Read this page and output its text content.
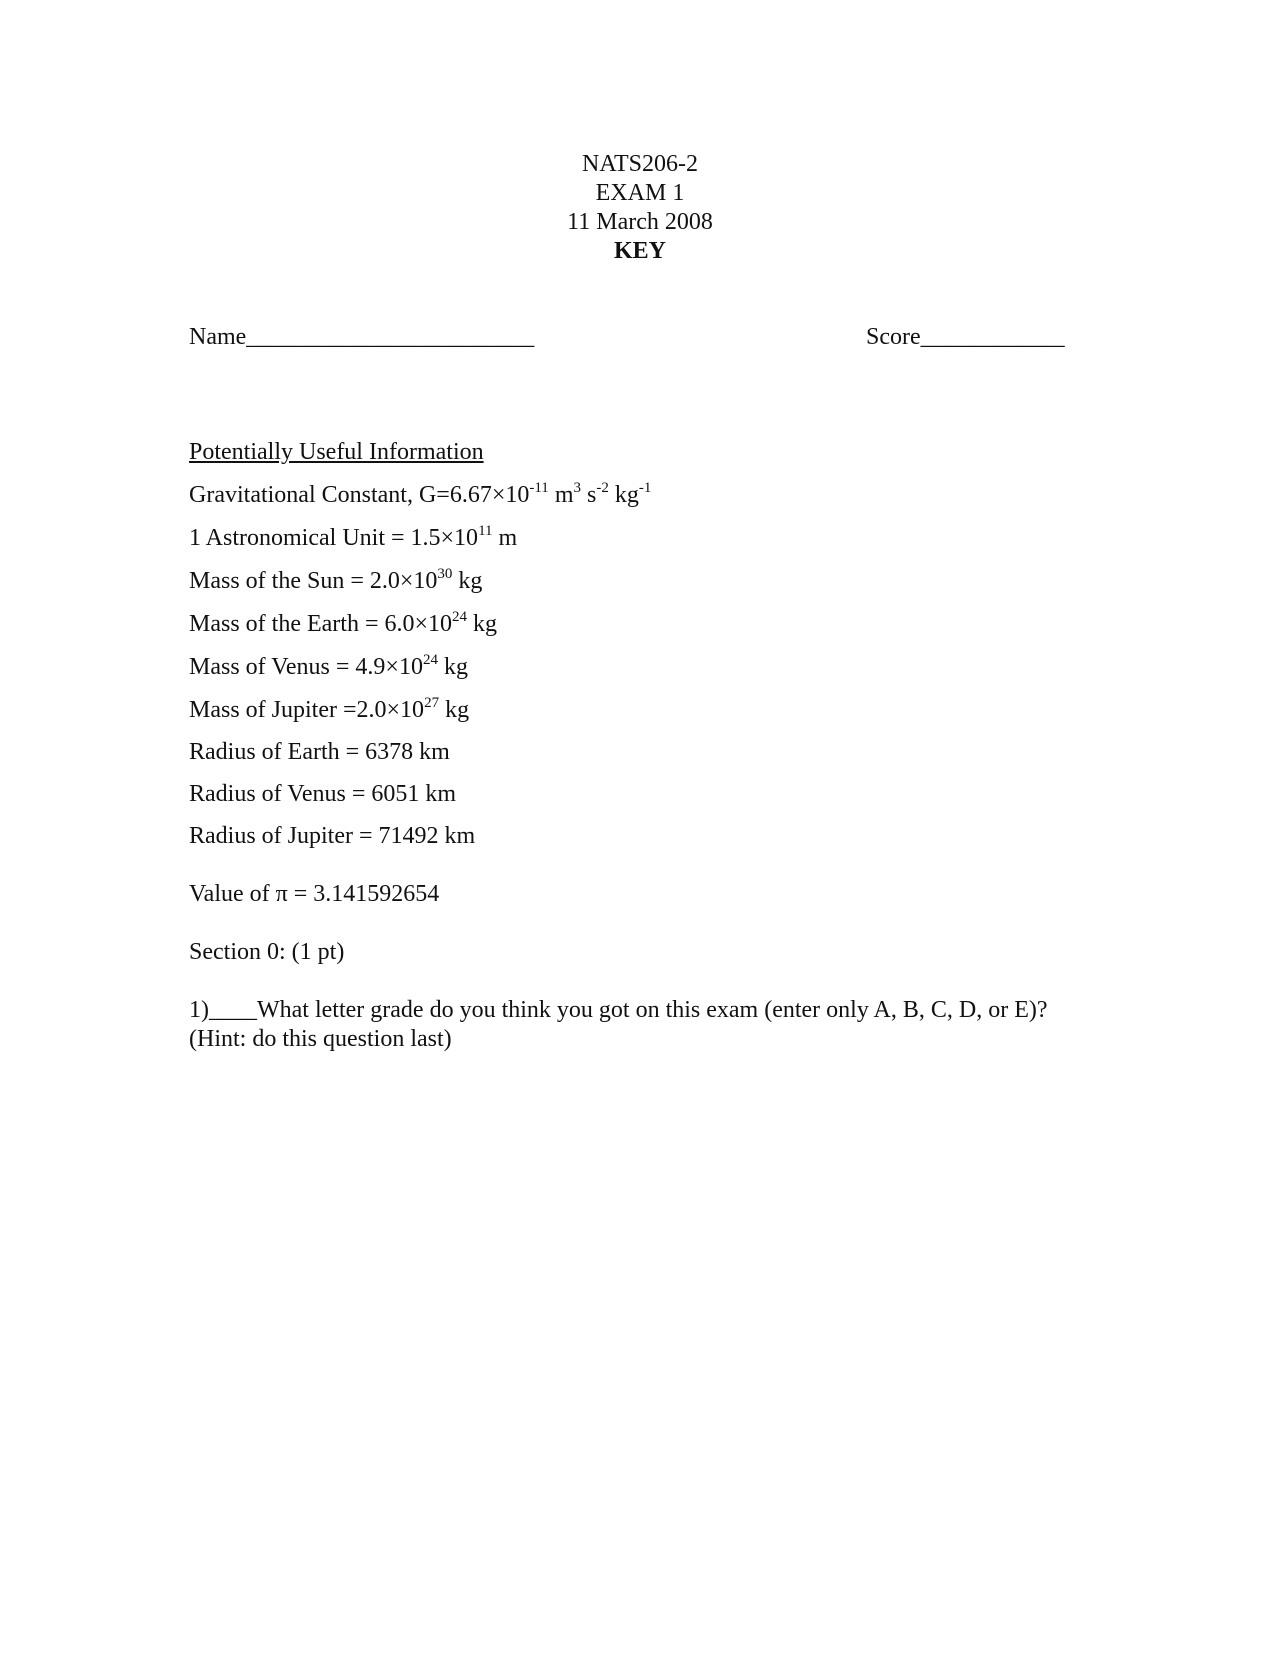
NATS206-2
EXAM 1
11 March 2008
KEY
Name________________________	Score____________
Potentially Useful Information
Gravitational Constant, $G=6.67\times 10^{-11}$ $m^3$ $s^{-2}$ $kg^{-1}$
1 Astronomical Unit = $1.5\times 10^{11}$ m
Mass of the Sun = $2.0\times 10^{30}$ kg
Mass of the Earth = $6.0\times 10^{24}$ kg
Mass of Venus = $4.9\times 10^{24}$ kg
Mass of Jupiter $=2.0\times 10^{27}$ kg
Radius of Earth = 6378 km
Radius of Venus = 6051 km
Radius of Jupiter = 71492 km
Value of π = 3.141592654
Section 0: (1 pt)
1)____What letter grade do you think you got on this exam (enter only A, B, C, D, or E)?
(Hint: do this question last)
